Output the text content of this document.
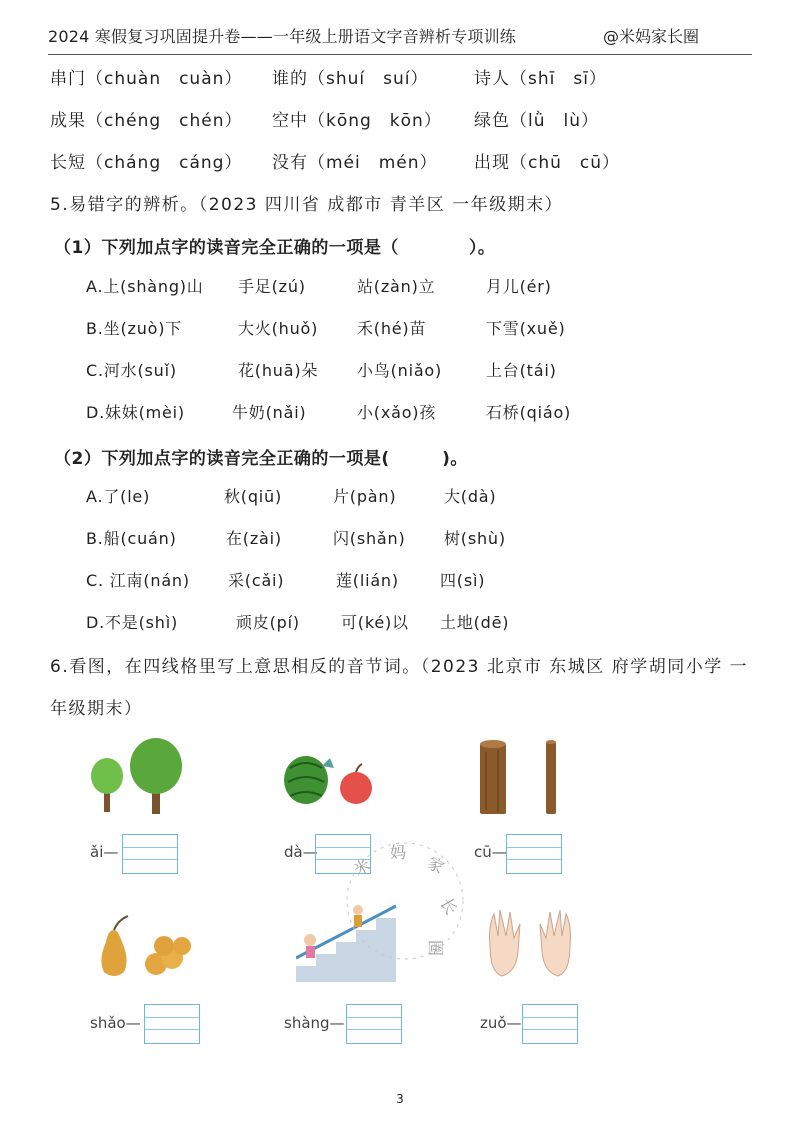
2024 寒假复习巩固提升卷——一年级上册语文字音辨析专项训练	@米妈家长圈
串门（chuàn　cuàn） 谁的（shuí　suí）	诗人（shī　sī）
成果（chéng　chén） 空中（kōng　kōn） 绿色（lǜ　lù）
长短（cháng　cáng） 没有（méi　mén） 出现（chū　cū）
5.易错字的辨析。（2023 四川省 成都市 青羊区 一年级期末）
（1）下列加点字的读音完全正确的一项是（　　　　）。
A.上(shàng)山 手足(zú)	站(zàn)立	月儿(ér)
B.坐(zuò)下	大火(huǒ) 禾(hé)苗	下雪(xuě)
C.河水(suǐ)	花(huā)朵 小鸟(niǎo)	上台(tái)
D.妹妹(mèi)	牛奶(nǎi)	小(xǎo)孩	石桥(qiáo)
（2）下列加点字的读音完全正确的一项是(　　　)。
A.了(le)	秋(qiū)	片(pàn)	大(dà)
B.船(cuán)	在(zài)	闪(shǎn) 树(shù)
C. 江南(nán) 采(cǎi)	莲(lián)	四(sì)
D.不是(shì)	顽皮(pí)	可(ké)以 土地(dē)
6.看图，在四线格里写上意思相反的音节词。（2023 北京市 东城区 府学胡同小学 一
年级期末）
ǎi—	dà—	cū—
shǎo—	shàng—	zuǒ—
米
妈
家
长
圈
3
